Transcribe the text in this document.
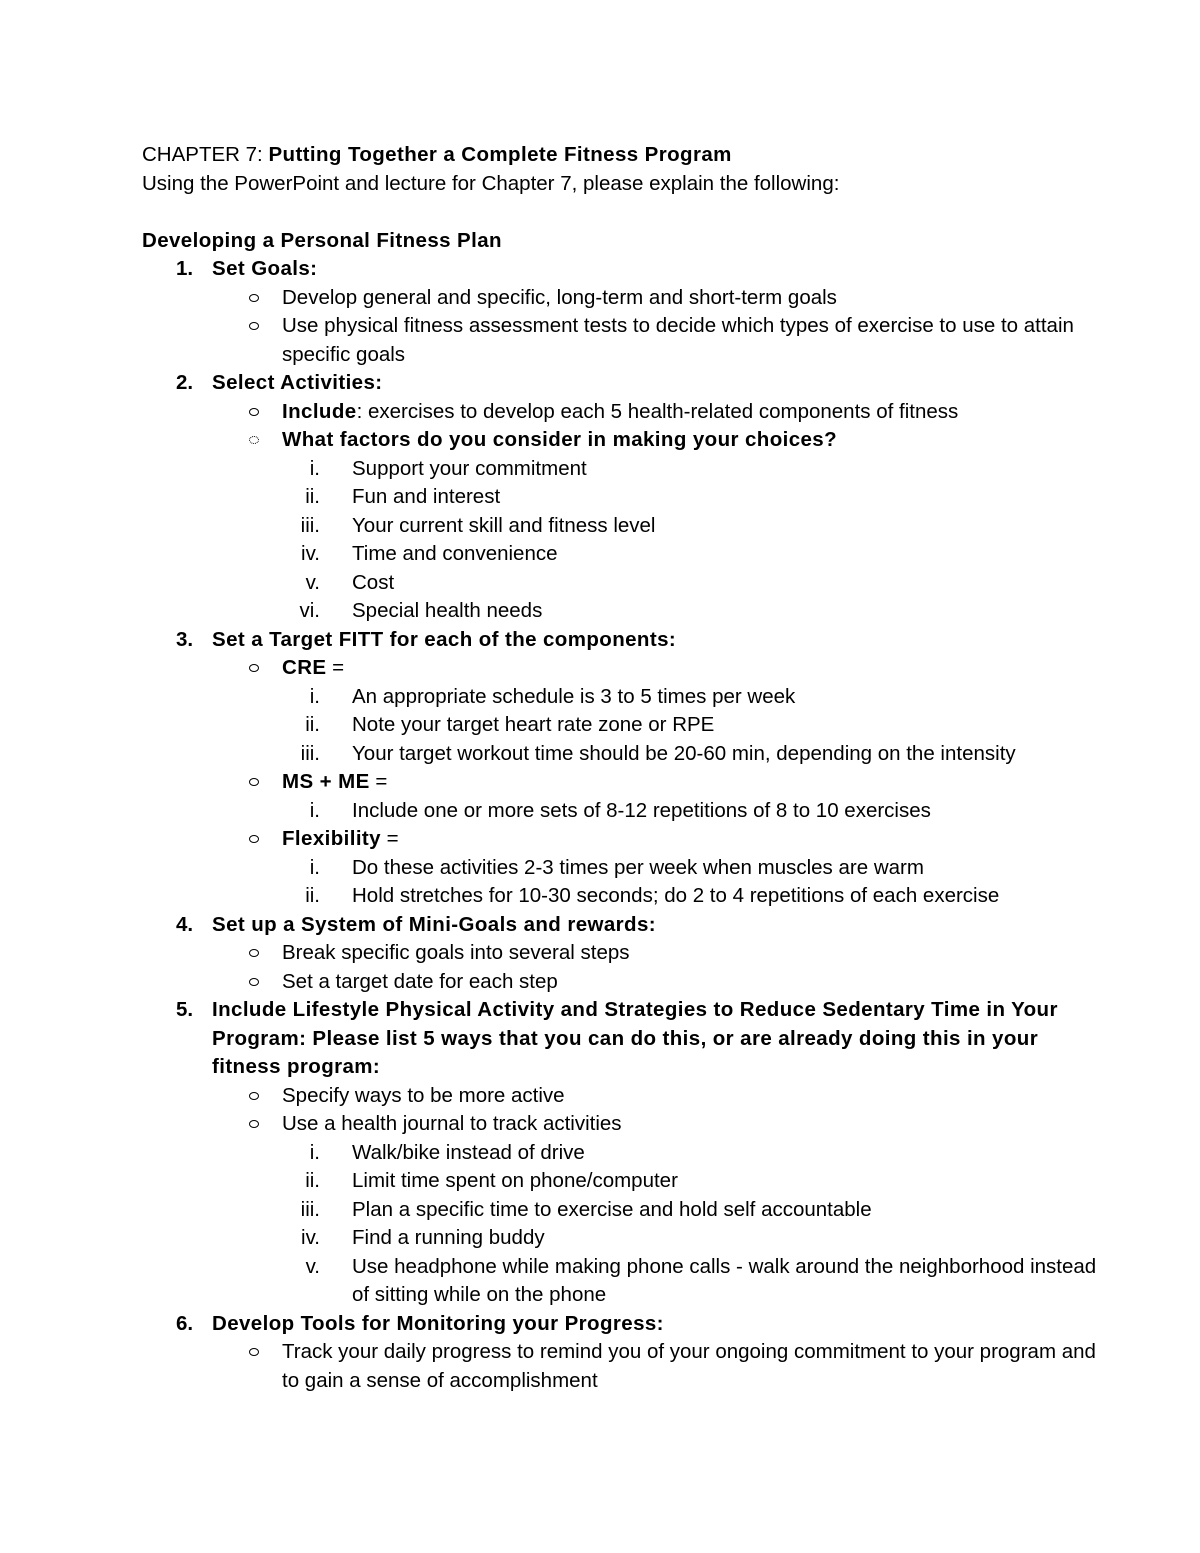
CHAPTER 7: Putting Together a Complete Fitness Program
Using the PowerPoint and lecture for Chapter 7, please explain the following:
Developing a Personal Fitness Plan
1. Set Goals:
Develop general and specific, long-term and short-term goals
Use physical fitness assessment tests to decide which types of exercise to use to attain specific goals
2. Select Activities:
Include: exercises to develop each 5 health-related components of fitness
What factors do you consider in making your choices?
i. Support your commitment
ii. Fun and interest
iii. Your current skill and fitness level
iv. Time and convenience
v. Cost
vi. Special health needs
3. Set a Target FITT for each of the components:
CRE =
i. An appropriate schedule is 3 to 5 times per week
ii. Note your target heart rate zone or RPE
iii. Your target workout time should be 20-60 min, depending on the intensity
MS + ME =
i. Include one or more sets of 8-12 repetitions of 8 to 10 exercises
Flexibility =
i. Do these activities 2-3 times per week when muscles are warm
ii. Hold stretches for 10-30 seconds; do 2 to 4 repetitions of each exercise
4. Set up a System of Mini-Goals and rewards:
Break specific goals into several steps
Set a target date for each step
5. Include Lifestyle Physical Activity and Strategies to Reduce Sedentary Time in Your Program: Please list 5 ways that you can do this, or are already doing this in your fitness program:
Specify ways to be more active
Use a health journal to track activities
i. Walk/bike instead of drive
ii. Limit time spent on phone/computer
iii. Plan a specific time to exercise and hold self accountable
iv. Find a running buddy
v. Use headphone while making phone calls - walk around the neighborhood instead of sitting while on the phone
6. Develop Tools for Monitoring your Progress:
Track your daily progress to remind you of your ongoing commitment to your program and to gain a sense of accomplishment
